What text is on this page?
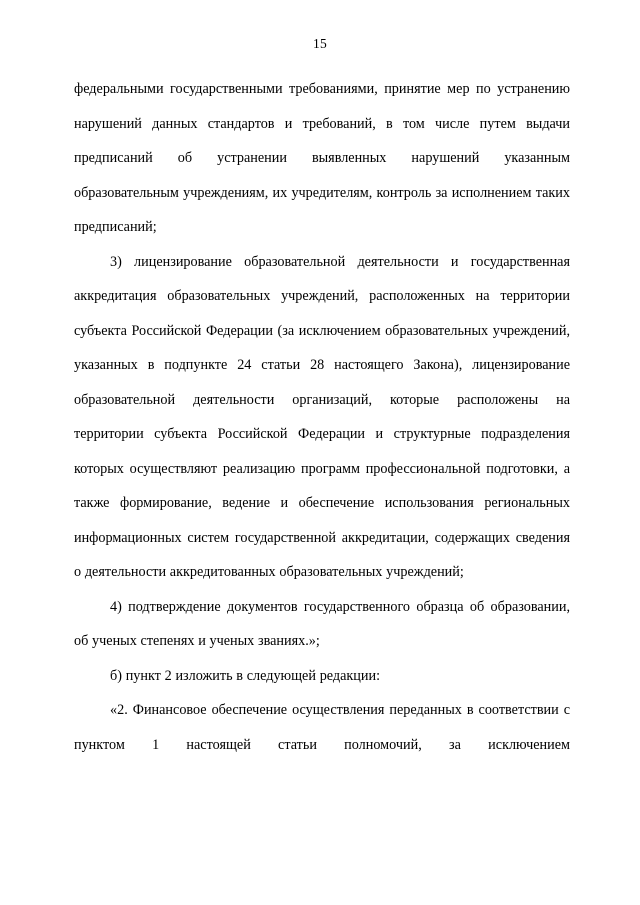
15

федеральными государственными требованиями, принятие мер по устранению нарушений данных стандартов и требований, в том числе путем выдачи предписаний об устранении выявленных нарушений указанным образовательным учреждениям, их учредителям, контроль за исполнением таких предписаний;

3) лицензирование образовательной деятельности и государственная аккредитация образовательных учреждений, расположенных на территории субъекта Российской Федерации (за исключением образовательных учреждений, указанных в подпункте 24 статьи 28 настоящего Закона), лицензирование образовательной деятельности организаций, которые расположены на территории субъекта Российской Федерации и структурные подразделения которых осуществляют реализацию программ профессиональной подготовки, а также формирование, ведение и обеспечение использования региональных информационных систем государственной аккредитации, содержащих сведения о деятельности аккредитованных образовательных учреждений;

4) подтверждение документов государственного образца об образовании, об ученых степенях и ученых званиях.»;

б) пункт 2 изложить в следующей редакции:

«2. Финансовое обеспечение осуществления переданных в соответствии с пунктом 1 настоящей статьи полномочий, за исключением
